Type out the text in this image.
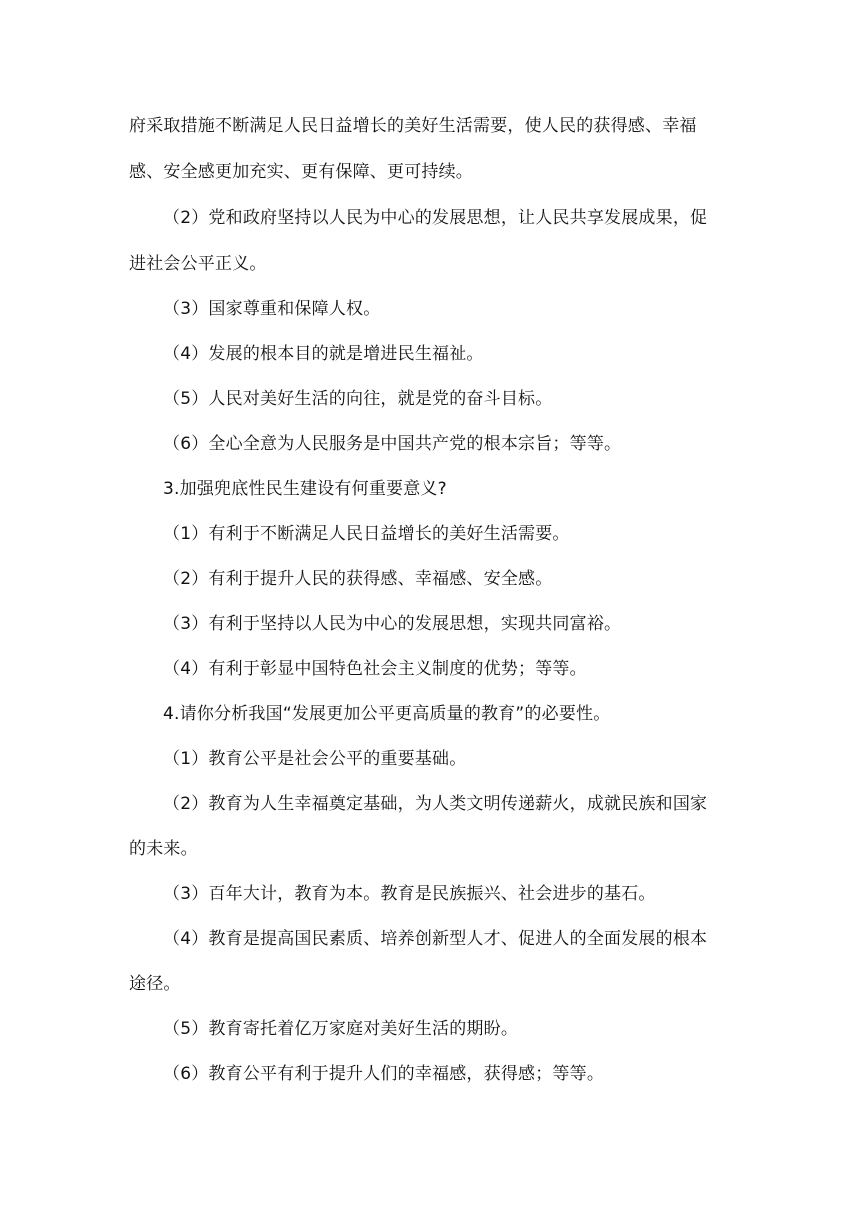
府采取措施不断满足人民日益增长的美好生活需要，使人民的获得感、幸福
感、安全感更加充实、更有保障、更可持续。
（2）党和政府坚持以人民为中心的发展思想，让人民共享发展成果，促
进社会公平正义。
（3）国家尊重和保障人权。
（4）发展的根本目的就是增进民生福祉。
（5）人民对美好生活的向往，就是党的奋斗目标。
（6）全心全意为人民服务是中国共产党的根本宗旨；等等。
3.加强兜底性民生建设有何重要意义?
（1）有利于不断满足人民日益增长的美好生活需要。
（2）有利于提升人民的获得感、幸福感、安全感。
（3）有利于坚持以人民为中心的发展思想，实现共同富裕。
（4）有利于彰显中国特色社会主义制度的优势；等等。
4.请你分析我国“发展更加公平更高质量的教育”的必要性。
（1）教育公平是社会公平的重要基础。
（2）教育为人生幸福奠定基础，为人类文明传递薪火，成就民族和国家
的未来。
（3）百年大计，教育为本。教育是民族振兴、社会进步的基石。
（4）教育是提高国民素质、培养创新型人才、促进人的全面发展的根本
途径。
（5）教育寄托着亿万家庭对美好生活的期盼。
（6）教育公平有利于提升人们的幸福感，获得感；等等。
